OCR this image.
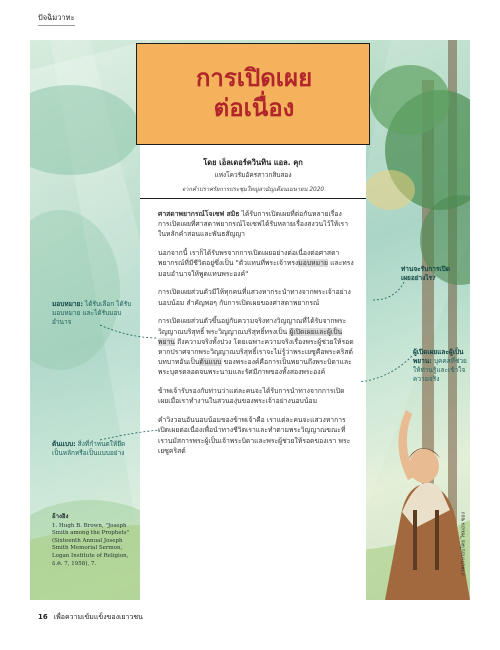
ปัจฉิมวาทะ
การเปิดเผย
ต่อเนื่อง
โดย เอ็ลเดอร์ควินทิน แอล. คุก
แห่งโควรัมอัครสาวกสิบสอง
จากคำปราศรัยการประชุมใหญ่สามัญเดือนเมษายน 2020

ศาสดาพยากรณ์โจเซฟ สมิธ ได้รับการเปิดเผยที่ต่อกันหลายเรื่อง การเปิดเผยที่ศาสดาพยากรณ์โจเซฟได้รับหลายเรื่องสงวนไว้ให้เราในหลักคำสอนและพันธสัญญา

นอกจากนี้ เราก็ได้รับพรจากการเปิดเผยอย่างต่อเนื่องต่อศาสดาพยากรณ์ที่มีชีวิตอยู่ซึ่งเป็น "ตัวแทนที่พระเจ้าทรงมอบหมาย และทรงมอบอำนาจให้พูดแทนพระองค์"

การเปิดเผยส่วนตัวมีให้ทุกคนที่แสวงหากระนำทางจากพระเจ้าอย่างนอบน้อม สำคัญพอๆ กับการเปิดเผยของศาสดาพยากรณ์

การเปิดเผยส่วนตัวขึ้นอยู่กับความจริงทางวิญญาณที่ได้รับจากพระวิญญาณบริสุทธิ์ พระวิญญาณบริสุทธิ์ทรงเป็น ผู้เปิดเผยและผู้เป็นพยาน ถึงความจริงทั้งปวง โดยเฉพาะความจริงเรื่องพระผู้ช่วยให้รอด หากปราศจากพระวิญญาณบริสุทธิ์เราจะไม่รู้ว่าพระเยซูคือพระคริสต์ บทบาทอันเป็นต้นแบบ ของพระองค์คือการเป็นพยานถึงพระบิดาและพระบุตรตลอดจนพระนามและรัศมีภาพของทั้งสองพระองค์

ข้าพเจ้ารับรองกับท่านว่าแต่ละคนจะได้รับการนำทางจากการเปิดเผยเมื่อเราทำงานในสวนองุ่นของพระเจ้าอย่างนอบน้อม

คำวิงวอนอันนอบน้อมของข้าพเจ้าคือ เราแต่ละคนจะแสวงหาการเปิดเผยต่อเนื่องเพื่อนำทางชีวิตเราและทำตามพระวิญญาณขณะที่เรานมัสการพระผู้เป็นเจ้าพระบิดาและพระผู้ช่วยให้รอดของเรา พระเยซูคริสต์

ท่านจะรับการเปิดเผยอย่างไร?
มอบหมาย: ได้รับเลือก ได้รับมอบหมาย และได้รับมอบอำนาจ
ผู้เปิดเผยและผู้เป็นพยาน: บุคคลที่ช่วยให้ท่านรู้และเข้าใจความจริง
ต้นแบบ: สิ่งที่กำหนดให้ยึดเป็นหลักหรือเป็นแบบอย่าง
อ้างอิง
1. Hugh B. Brown, "Joseph Smith among the Prophets" (Sixteenth Annual Joseph Smith Memorial Sermon, Logan Institute of Religion, ธ.ค. 7, 1958), 7.	ภาพประกอบโดย ไซมอน ซอง
16 เพื่อความเข้มแข็งของเยาวชน
